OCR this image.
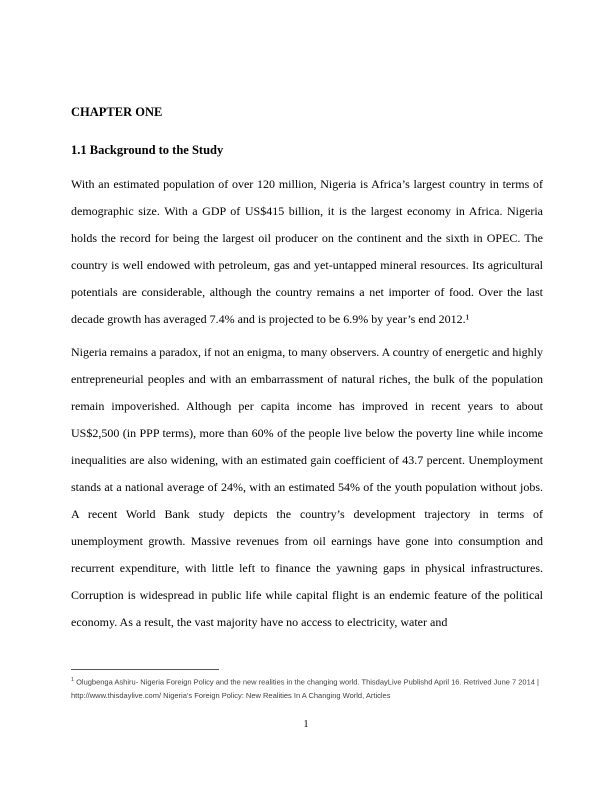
CHAPTER ONE
1.1 Background to the Study

With an estimated population of over 120 million, Nigeria is Africa’s largest country in terms of demographic size. With a GDP of US$415 billion, it is the largest economy in Africa. Nigeria holds the record for being the largest oil producer on the continent and the sixth in OPEC. The country is well endowed with petroleum, gas and yet-untapped mineral resources. Its agricultural potentials are considerable, although the country remains a net importer of food. Over the last decade growth has averaged 7.4% and is projected to be 6.9% by year’s end 2012.¹

Nigeria remains a paradox, if not an enigma, to many observers. A country of energetic and highly entrepreneurial peoples and with an embarrassment of natural riches, the bulk of the population remain impoverished. Although per capita income has improved in recent years to about US$2,500 (in PPP terms), more than 60% of the people live below the poverty line while income inequalities are also widening, with an estimated gain coefficient of 43.7 percent. Unemployment stands at a national average of 24%, with an estimated 54% of the youth population without jobs. A recent World Bank study depicts the country’s development trajectory in terms of unemployment growth. Massive revenues from oil earnings have gone into consumption and recurrent expenditure, with little left to finance the yawning gaps in physical infrastructures. Corruption is widespread in public life while capital flight is an endemic feature of the political economy. As a result, the vast majority have no access to electricity, water and

$^1$ Olugbenga Ashiru- Nigeria Foreign Policy and the new realities in the changing world. ThisdayLive Publishd April 16. Retrived June 7 2014 |
http://www.thisdaylive.com/ Nigeria’s Foreign Policy: New Realities In A Changing World, Articles
1
